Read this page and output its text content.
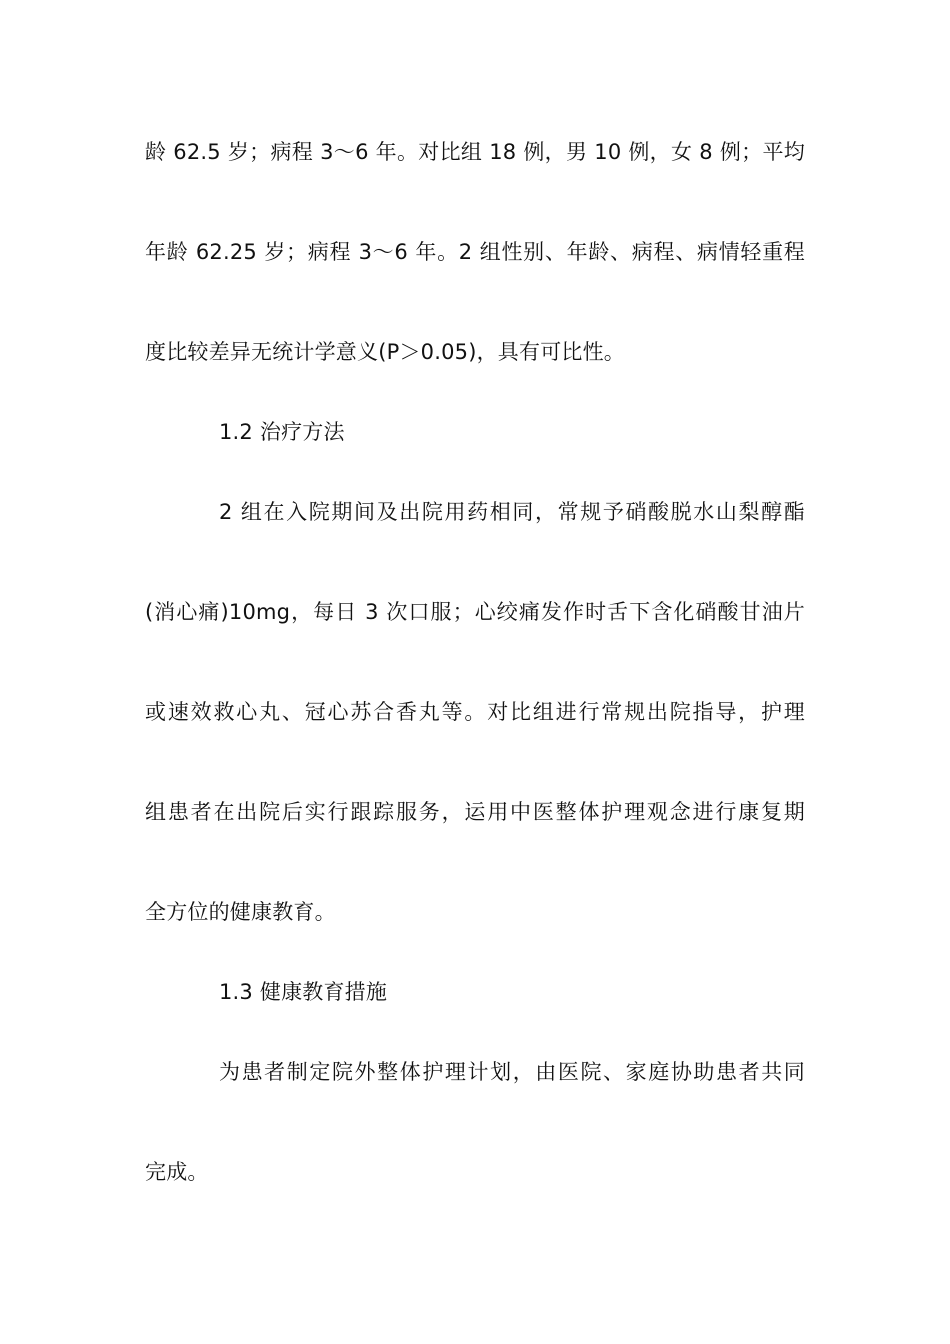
龄 62.5 岁；病程 3～6 年。对比组 18 例，男 10 例，女 8 例；平均
年龄 62.25 岁；病程 3～6 年。2 组性别、年龄、病程、病情轻重程
度比较差异无统计学意义(P＞0.05)，具有可比性。
1.2 治疗方法
2 组在入院期间及出院用药相同，常规予硝酸脱水山梨醇酯
(消心痛)10mg，每日 3 次口服；心绞痛发作时舌下含化硝酸甘油片
或速效救心丸、冠心苏合香丸等。对比组进行常规出院指导，护理
组患者在出院后实行跟踪服务，运用中医整体护理观念进行康复期
全方位的健康教育。
1.3 健康教育措施
为患者制定院外整体护理计划，由医院、家庭协助患者共同
完成。
